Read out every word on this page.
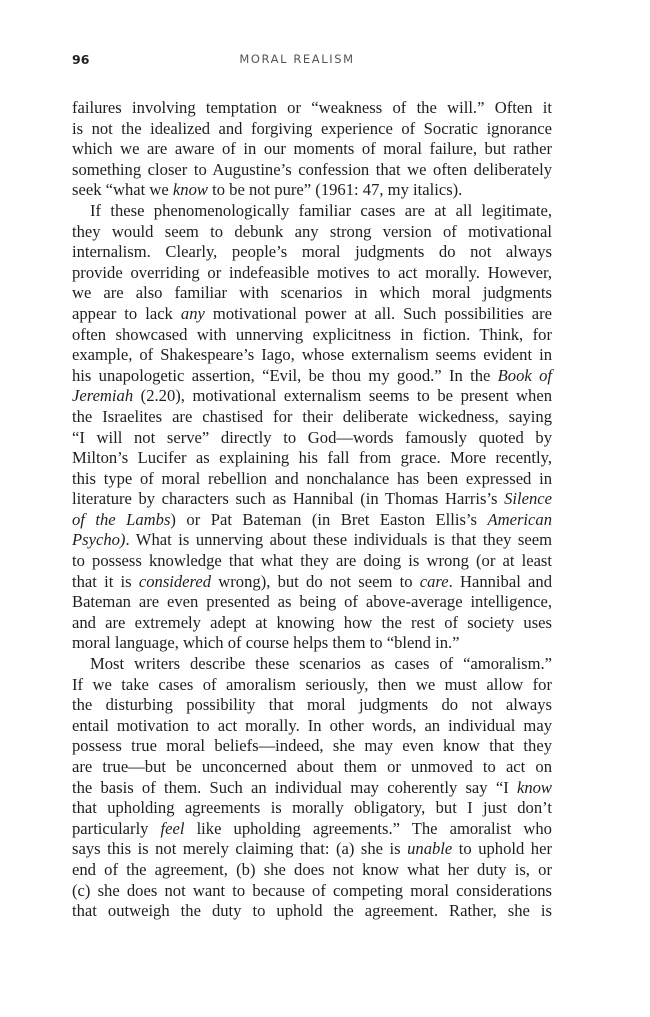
96	MORAL REALISM
failures involving temptation or “weakness of the will.” Often it
is not the idealized and forgiving experience of Socratic ignorance
which we are aware of in our moments of moral failure, but rather
something closer to Augustine’s confession that we often deliberately
seek “what we know to be not pure” (1961: 47, my italics).
If these phenomenologically familiar cases are at all legitimate,
they would seem to debunk any strong version of motivational
internalism. Clearly, people’s moral judgments do not always
provide overriding or indefeasible motives to act morally. However,
we are also familiar with scenarios in which moral judgments
appear to lack any motivational power at all. Such possibilities are
often showcased with unnerving explicitness in fiction. Think, for
example, of Shakespeare’s Iago, whose externalism seems evident in
his unapologetic assertion, “Evil, be thou my good.” In the Book of
Jeremiah (2.20), motivational externalism seems to be present when
the Israelites are chastised for their deliberate wickedness, saying
“I will not serve” directly to God—words famously quoted by
Milton’s Lucifer as explaining his fall from grace. More recently,
this type of moral rebellion and nonchalance has been expressed in
literature by characters such as Hannibal (in Thomas Harris’s Silence
of the Lambs) or Pat Bateman (in Bret Easton Ellis’s American
Psycho). What is unnerving about these individuals is that they seem
to possess knowledge that what they are doing is wrong (or at least
that it is considered wrong), but do not seem to care. Hannibal and
Bateman are even presented as being of above-average intelligence,
and are extremely adept at knowing how the rest of society uses
moral language, which of course helps them to “blend in.”
Most writers describe these scenarios as cases of “amoralism.”
If we take cases of amoralism seriously, then we must allow for
the disturbing possibility that moral judgments do not always
entail motivation to act morally. In other words, an individual may
possess true moral beliefs—indeed, she may even know that they
are true—but be unconcerned about them or unmoved to act on
the basis of them. Such an individual may coherently say “I know
that upholding agreements is morally obligatory, but I just don’t
particularly feel like upholding agreements.” The amoralist who
says this is not merely claiming that: (a) she is unable to uphold her
end of the agreement, (b) she does not know what her duty is, or
(c) she does not want to because of competing moral considerations
that outweigh the duty to uphold the agreement. Rather, she is
